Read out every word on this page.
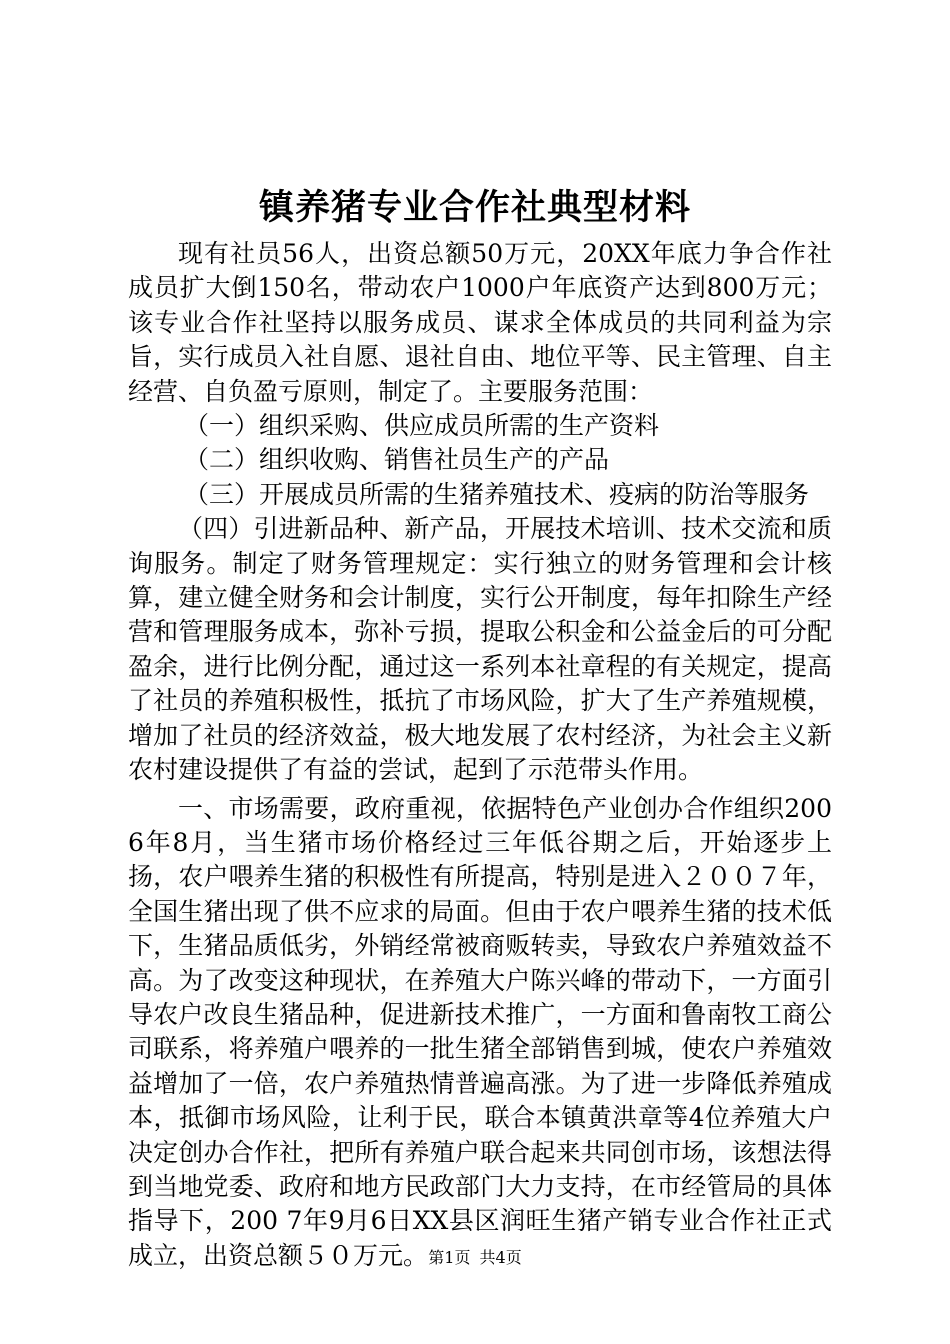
镇养猪专业合作社典型材料

现有社员56人，出资总额50万元，20XX年底力争合作社成员扩大倒150名，带动农户1000户年底资产达到800万元；该专业合作社坚持以服务成员、谋求全体成员的共同利益为宗旨，实行成员入社自愿、退社自由、地位平等、民主管理、自主经营、自负盈亏原则，制定了。主要服务范围：

（一）组织采购、供应成员所需的生产资料

（二）组织收购、销售社员生产的产品

（三）开展成员所需的生猪养殖技术、疫病的防治等服务

（四）引进新品种、新产品，开展技术培训、技术交流和质询服务。制定了财务管理规定：实行独立的财务管理和会计核算，建立健全财务和会计制度，实行公开制度，每年扣除生产经营和管理服务成本，弥补亏损，提取公积金和公益金后的可分配盈余，进行比例分配，通过这一系列本社章程的有关规定，提高了社员的养殖积极性，抵抗了市场风险，扩大了生产养殖规模，增加了社员的经济效益，极大地发展了农村经济，为社会主义新农村建设提供了有益的尝试，起到了示范带头作用。

一、市场需要，政府重视，依据特色产业创办合作组织200 6年8月，当生猪市场价格经过三年低谷期之后，开始逐步上扬，农户喂养生猪的积极性有所提高，特别是进入２００７年，全国生猪出现了供不应求的局面。但由于农户喂养生猪的技术低下，生猪品质低劣，外销经常被商贩转卖，导致农户养殖效益不高。为了改变这种现状，在养殖大户陈兴峰的带动下，一方面引导农户改良生猪品种，促进新技术推广，一方面和鲁南牧工商公司联系，将养殖户喂养的一批生猪全部销售到城，使农户养殖效益增加了一倍，农户养殖热情普遍高涨。为了进一步降低养殖成本，抵御市场风险，让利于民，联合本镇黄洪章等4位养殖大户决定创办合作社，把所有养殖户联合起来共同创市场，该想法得到当地党委、政府和地方民政部门大力支持，在市经管局的具体指导下，200 7年9月6日XX县区润旺生猪产销专业合作社正式成立，出资总额５０万元。 第1页 共4页
